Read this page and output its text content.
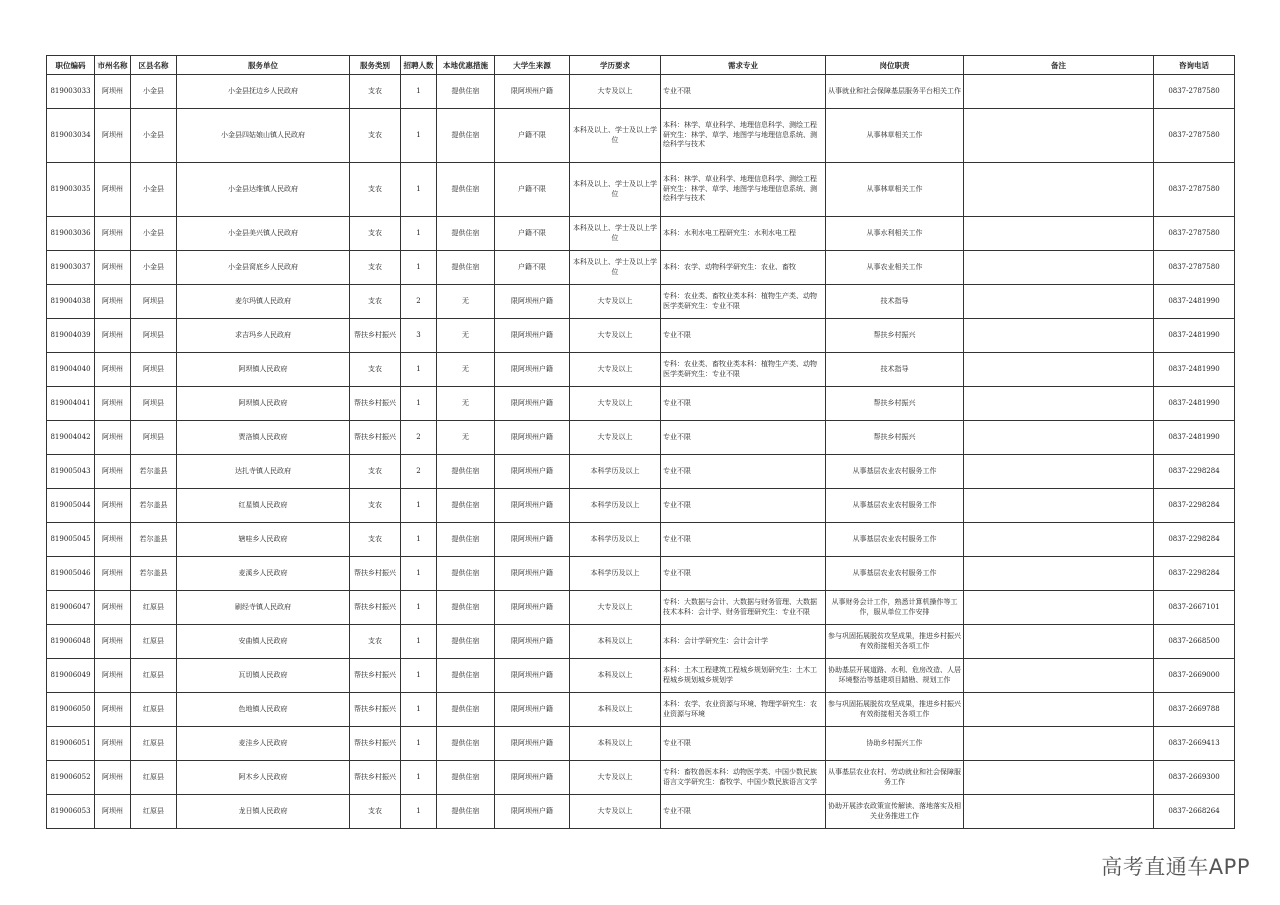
职位编码	市州名称	区县名称	服务单位	服务类别	招聘人数	本地优惠措施	大学生来源	学历要求	需求专业	岗位职责	备注	咨询电话
819003033	阿坝州	小金县	小金县抚边乡人民政府	支农	1	提供住宿	限阿坝州户籍	大专及以上	专业不限	从事就业和社会保障基层服务平台相关工作		0837-2787580
819003034	阿坝州	小金县	小金县四姑娘山镇人民政府	支农	1	提供住宿	户籍不限	本科及以上、学士及以上学位	本科：林学、草业科学、地理信息科学、测绘工程研究生：林学、草学、地图学与地理信息系统、测绘科学与技术	从事林草相关工作		0837-2787580
819003035	阿坝州	小金县	小金县达维镇人民政府	支农	1	提供住宿	户籍不限	本科及以上、学士及以上学位	本科：林学、草业科学、地理信息科学、测绘工程研究生：林学、草学、地图学与地理信息系统、测绘科学与技术	从事林草相关工作		0837-2787580
819003036	阿坝州	小金县	小金县美兴镇人民政府	支农	1	提供住宿	户籍不限	本科及以上、学士及以上学位	本科：水利水电工程研究生：水利水电工程	从事水利相关工作		0837-2787580
819003037	阿坝州	小金县	小金县窝底乡人民政府	支农	1	提供住宿	户籍不限	本科及以上、学士及以上学位	本科：农学、动物科学研究生：农业、畜牧	从事农业相关工作		0837-2787580
819004038	阿坝州	阿坝县	麦尔玛镇人民政府	支农	2	无	限阿坝州户籍	大专及以上	专科：农业类、畜牧业类本科：植物生产类、动物医学类研究生：专业不限	技术指导		0837-2481990
819004039	阿坝州	阿坝县	求吉玛乡人民政府	帮扶乡村振兴	3	无	限阿坝州户籍	大专及以上	专业不限	帮扶乡村振兴		0837-2481990
819004040	阿坝州	阿坝县	阿坝镇人民政府	支农	1	无	限阿坝州户籍	大专及以上	专科：农业类、畜牧业类本科：植物生产类、动物医学类研究生：专业不限	技术指导		0837-2481990
819004041	阿坝州	阿坝县	阿坝镇人民政府	帮扶乡村振兴	1	无	限阿坝州户籍	大专及以上	专业不限	帮扶乡村振兴		0837-2481990
819004042	阿坝州	阿坝县	贾洛镇人民政府	帮扶乡村振兴	2	无	限阿坝州户籍	大专及以上	专业不限	帮扶乡村振兴		0837-2481990
819005043	阿坝州	若尔盖县	达扎寺镇人民政府	支农	2	提供住宿	限阿坝州户籍	本科学历及以上	专业不限	从事基层农业农村服务工作		0837-2298284
819005044	阿坝州	若尔盖县	红星镇人民政府	支农	1	提供住宿	限阿坝州户籍	本科学历及以上	专业不限	从事基层农业农村服务工作		0837-2298284
819005045	阿坝州	若尔盖县	辖哇乡人民政府	支农	1	提供住宿	限阿坝州户籍	本科学历及以上	专业不限	从事基层农业农村服务工作		0837-2298284
819005046	阿坝州	若尔盖县	麦溪乡人民政府	帮扶乡村振兴	1	提供住宿	限阿坝州户籍	本科学历及以上	专业不限	从事基层农业农村服务工作		0837-2298284
819006047	阿坝州	红原县	刷经寺镇人民政府	帮扶乡村振兴	1	提供住宿	限阿坝州户籍	大专及以上	专科：大数据与会计、大数据与财务管理、大数据技术本科：会计学、财务管理研究生：专业不限	从事财务会计工作，熟悉计算机操作等工作，服从单位工作安排		0837-2667101
819006048	阿坝州	红原县	安曲镇人民政府	支农	1	提供住宿	限阿坝州户籍	本科及以上	本科：会计学研究生：会计会计学	参与巩固拓展脱贫攻坚成果，推进乡村振兴有效衔接相关各项工作		0837-2668500
819006049	阿坝州	红原县	瓦切镇人民政府	帮扶乡村振兴	1	提供住宿	限阿坝州户籍	本科及以上	本科：土木工程建筑工程城乡规划研究生：土木工程城乡规划城乡规划学	协助基层开展道路、水利、危房改造、人居环境整治等基建项目踏勘、规划工作		0837-2669000
819006050	阿坝州	红原县	色地镇人民政府	帮扶乡村振兴	1	提供住宿	限阿坝州户籍	本科及以上	本科：农学、农业资源与环境、物理学研究生：农业资源与环境	参与巩固拓展脱贫攻坚成果，推进乡村振兴有效衔接相关各项工作		0837-2669788
819006051	阿坝州	红原县	麦洼乡人民政府	帮扶乡村振兴	1	提供住宿	限阿坝州户籍	本科及以上	专业不限	协助乡村振兴工作		0837-2669413
819006052	阿坝州	红原县	阿木乡人民政府	帮扶乡村振兴	1	提供住宿	限阿坝州户籍	大专及以上	专科：畜牧兽医本科：动物医学类、中国少数民族语言文学研究生：畜牧学、中国少数民族语言文学	从事基层农业农村、劳动就业和社会保障服务工作		0837-2669300
819006053	阿坝州	红原县	龙日镇人民政府	支农	1	提供住宿	限阿坝州户籍	大专及以上	专业不限	协助开展涉农政策宣传解读、落地落实及相关业务推进工作		0837-2668264
高考直通车APP
